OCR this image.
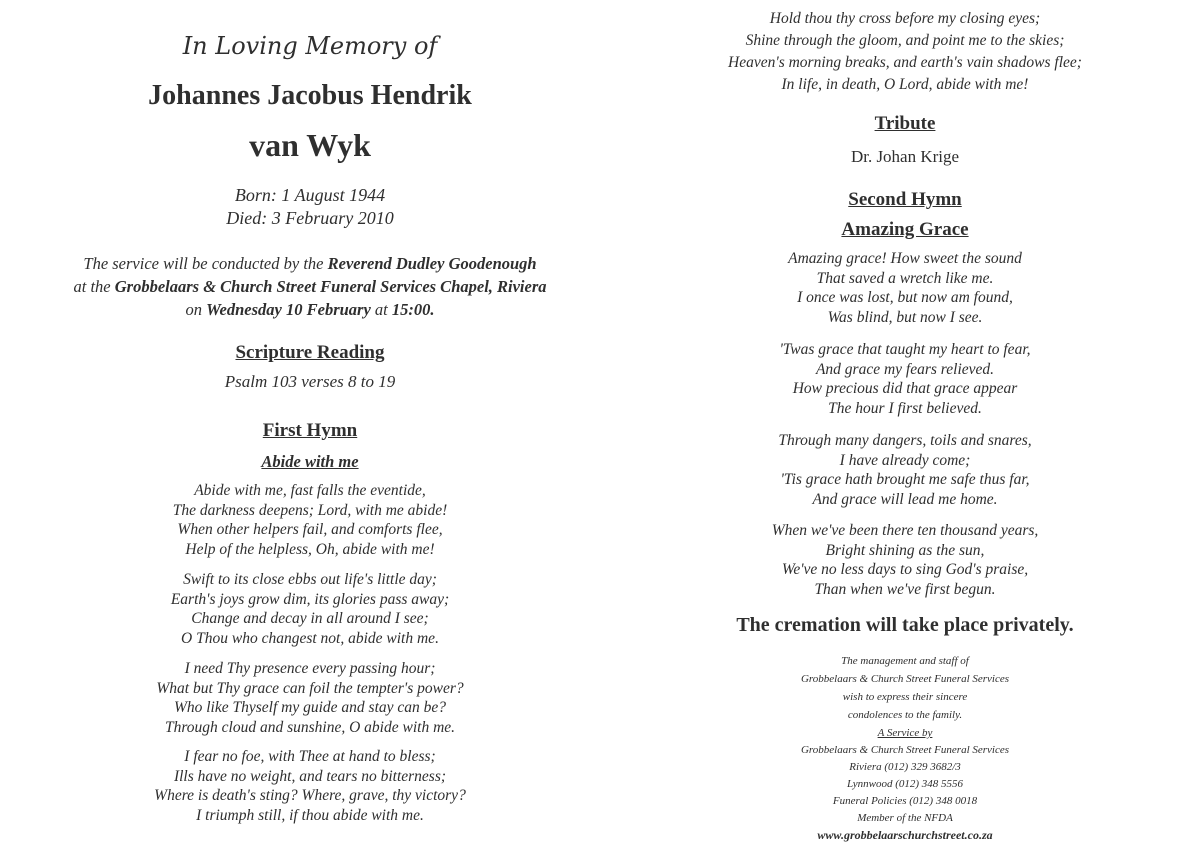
In Loving Memory of
Johannes Jacobus Hendrik
van Wyk
Born: 1 August 1944
Died: 3 February 2010
The service will be conducted by the Reverend Dudley Goodenough
at the Grobbelaars & Church Street Funeral Services Chapel, Riviera
on Wednesday 10 February at 15:00.
Scripture Reading
Psalm 103 verses 8 to 19
First Hymn
Abide with me
Abide with me, fast falls the eventide,
The darkness deepens; Lord, with me abide!
When other helpers fail, and comforts flee,
Help of the helpless, Oh, abide with me!
Swift to its close ebbs out life's little day;
Earth's joys grow dim, its glories pass away;
Change and decay in all around I see;
O Thou who changest not, abide with me.
I need Thy presence every passing hour;
What but Thy grace can foil the tempter's power?
Who like Thyself my guide and stay can be?
Through cloud and sunshine, O abide with me.
I fear no foe, with Thee at hand to bless;
Ills have no weight, and tears no bitterness;
Where is death's sting? Where, grave, thy victory?
I triumph still, if thou abide with me.
Hold thou thy cross before my closing eyes;
Shine through the gloom, and point me to the skies;
Heaven's morning breaks, and earth's vain shadows flee;
In life, in death, O Lord, abide with me!
Tribute
Dr. Johan Krige
Second Hymn
Amazing Grace
Amazing grace! How sweet the sound
That saved a wretch like me.
I once was lost, but now am found,
Was blind, but now I see.
'Twas grace that taught my heart to fear,
And grace my fears relieved.
How precious did that grace appear
The hour I first believed.
Through many dangers, toils and snares,
I have already come;
'Tis grace hath brought me safe thus far,
And grace will lead me home.
When we've been there ten thousand years,
Bright shining as the sun,
We've no less days to sing God's praise,
Than when we've first begun.
The cremation will take place privately.
The management and staff of
Grobbelaars & Church Street Funeral Services
wish to express their sincere
condolences to the family.
A Service by
Grobbelaars & Church Street Funeral Services
Riviera (012) 329 3682/3
Lynnwood (012) 348 5556
Funeral Policies (012) 348 0018
Member of the NFDA
www.grobbelaarschurchstreet.co.za
